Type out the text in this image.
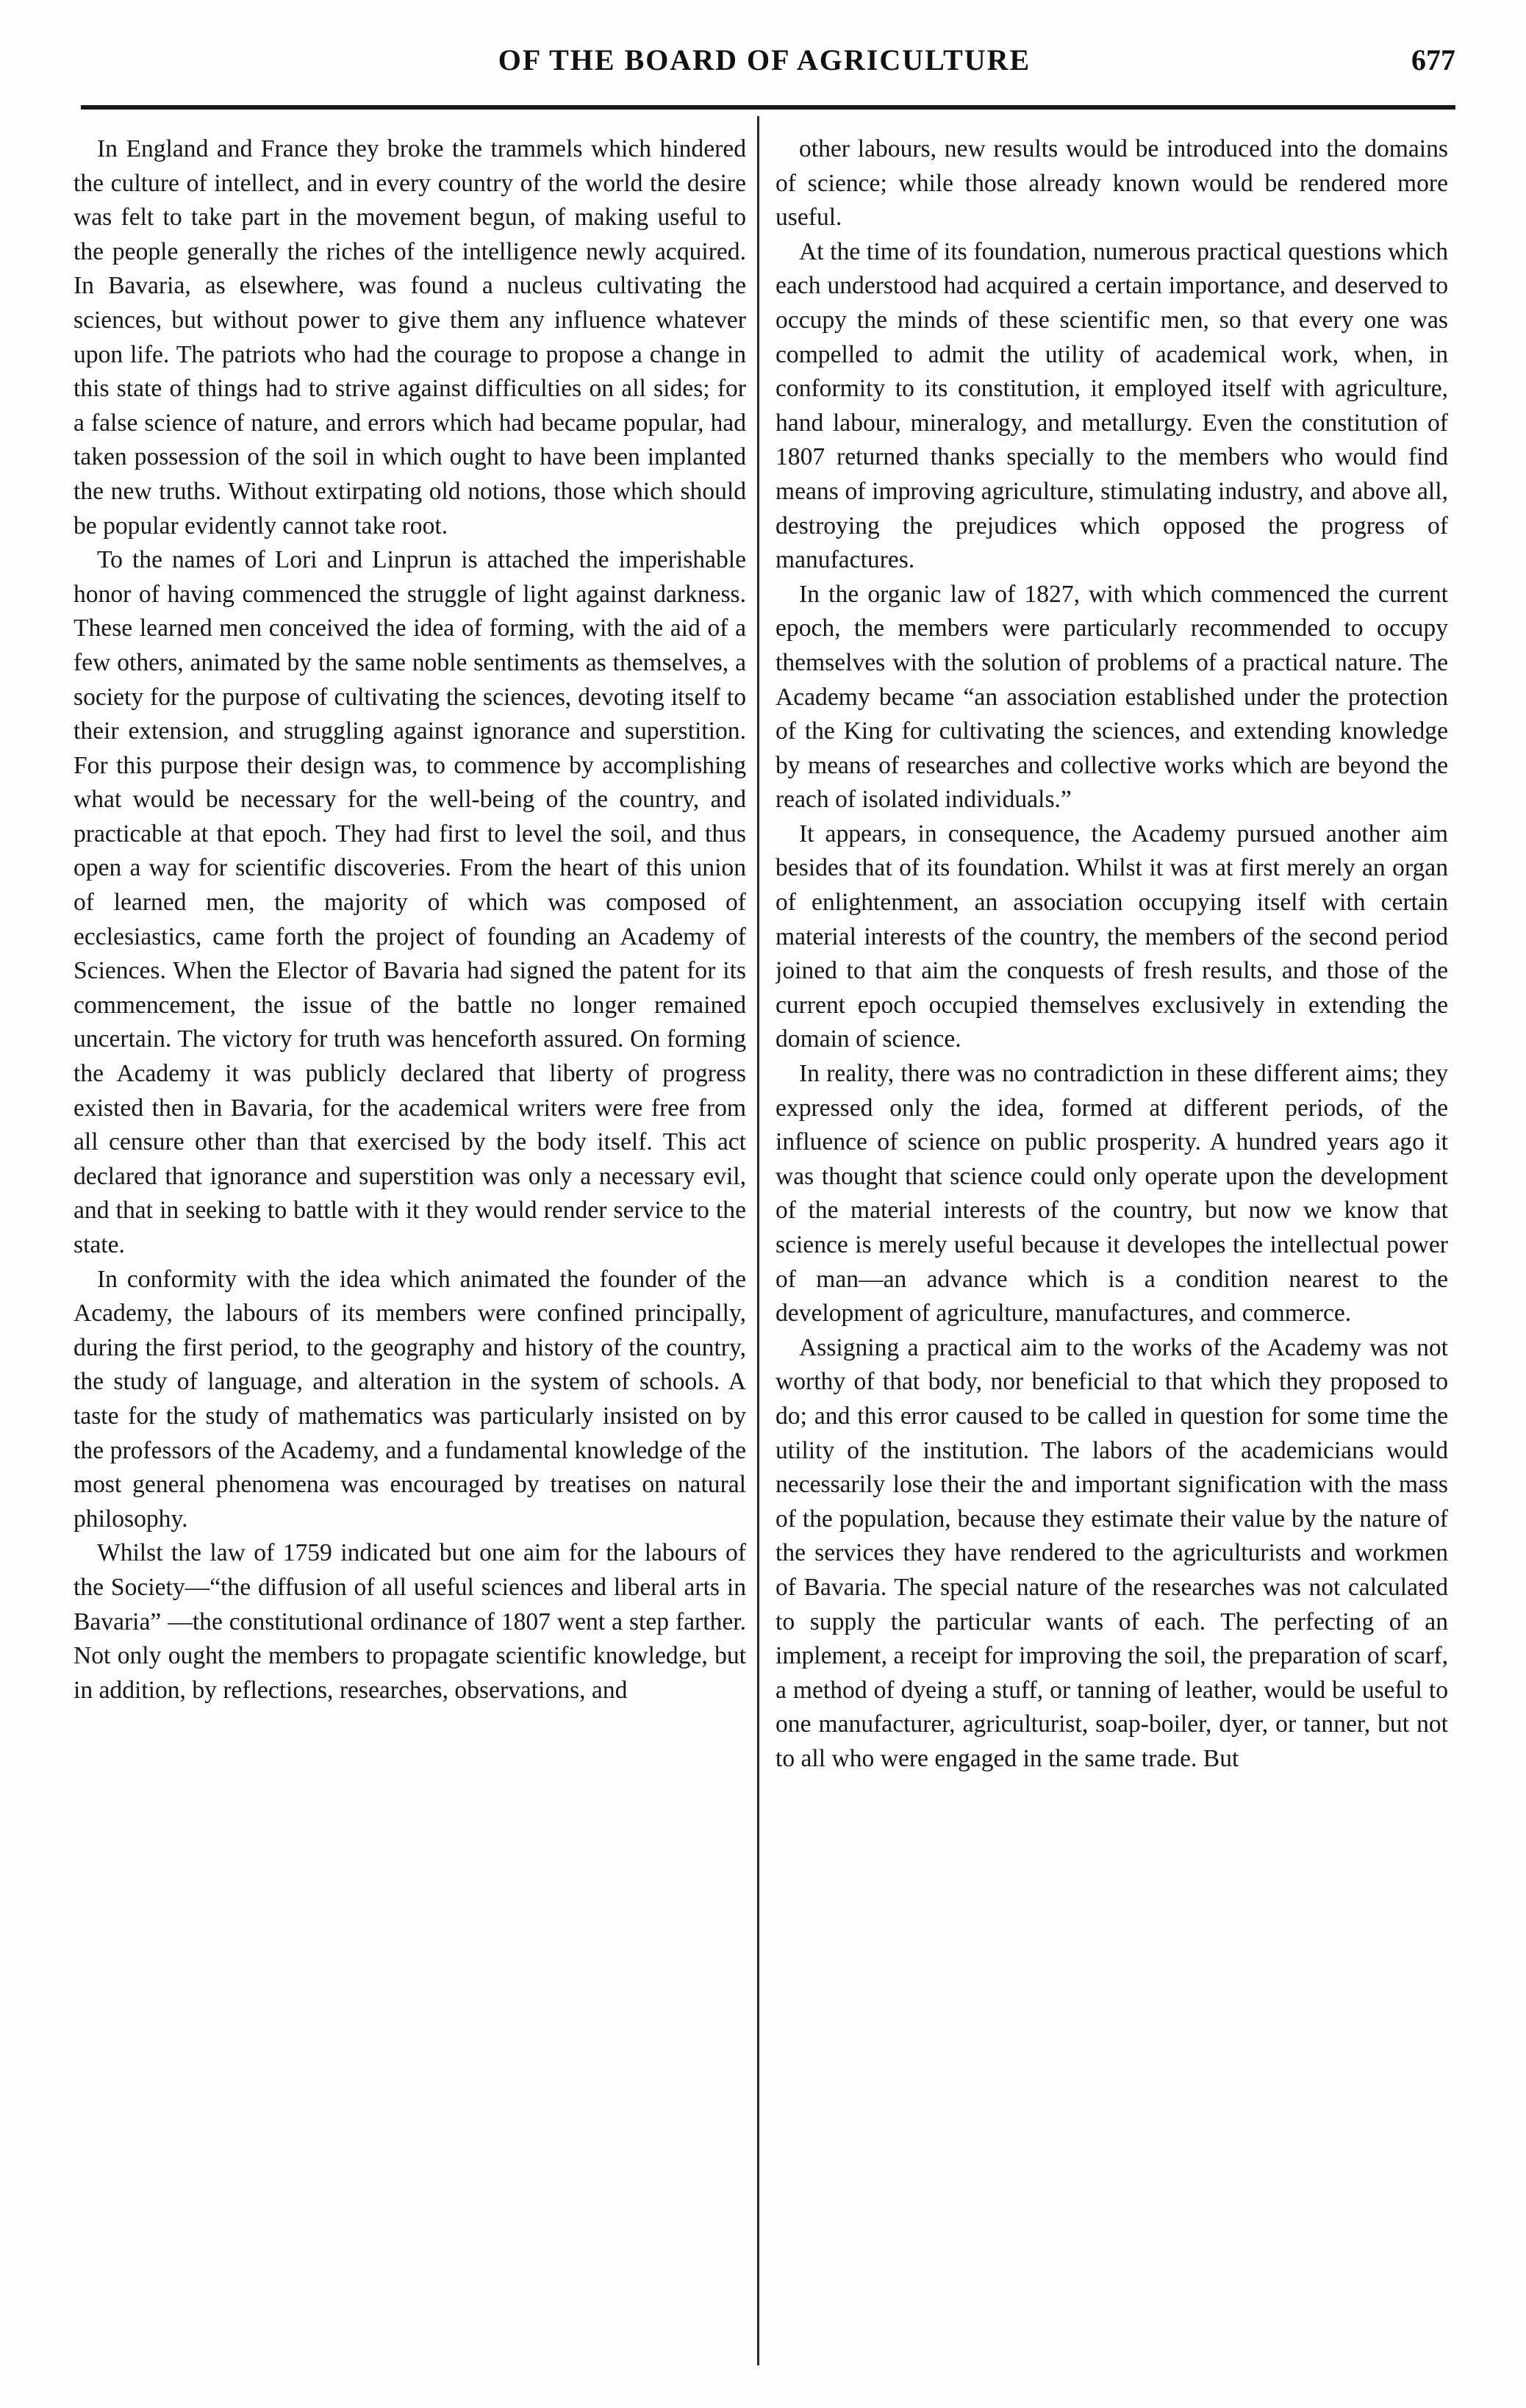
OF THE BOARD OF AGRICULTURE	677

In England and France they broke the trammels which hindered the culture of intellect, and in every country of the world the desire was felt to take part in the movement begun, of making useful to the people generally the riches of the intelligence newly acquired. In Bavaria, as elsewhere, was found a nucleus cultivating the sciences, but without power to give them any influence whatever upon life. The patriots who had the courage to propose a change in this state of things had to strive against difficulties on all sides; for a false science of nature, and errors which had became popular, had taken possession of the soil in which ought to have been implanted the new truths. Without extirpating old notions, those which should be popular evidently cannot take root.

To the names of Lori and Linprun is attached the imperishable honor of having commenced the struggle of light against darkness. These learned men conceived the idea of forming, with the aid of a few others, animated by the same noble sentiments as themselves, a society for the purpose of cultivating the sciences, devoting itself to their extension, and struggling against ignorance and superstition. For this purpose their design was, to commence by accomplishing what would be necessary for the well-being of the country, and practicable at that epoch. They had first to level the soil, and thus open a way for scientific discoveries. From the heart of this union of learned men, the majority of which was composed of ecclesiastics, came forth the project of founding an Academy of Sciences. When the Elector of Bavaria had signed the patent for its commencement, the issue of the battle no longer remained uncertain. The victory for truth was henceforth assured. On forming the Academy it was publicly declared that liberty of progress existed then in Bavaria, for the academical writers were free from all censure other than that exercised by the body itself. This act declared that ignorance and superstition was only a necessary evil, and that in seeking to battle with it they would render service to the state.

In conformity with the idea which animated the founder of the Academy, the labours of its members were confined principally, during the first period, to the geography and history of the country, the study of language, and alteration in the system of schools. A taste for the study of mathematics was particularly insisted on by the professors of the Academy, and a fundamental knowledge of the most general phenomena was encouraged by treatises on natural philosophy.

Whilst the law of 1759 indicated but one aim for the labours of the Society—“the diffusion of all useful sciences and liberal arts in Bavaria” —the constitutional ordinance of 1807 went a step farther. Not only ought the members to propagate scientific knowledge, but in addition, by reflections, researches, observations, and

other labours, new results would be introduced into the domains of science; while those already known would be rendered more useful.

At the time of its foundation, numerous practical questions which each understood had acquired a certain importance, and deserved to occupy the minds of these scientific men, so that every one was compelled to admit the utility of academical work, when, in conformity to its constitution, it employed itself with agriculture, hand labour, mineralogy, and metallurgy. Even the constitution of 1807 returned thanks specially to the members who would find means of improving agriculture, stimulating industry, and above all, destroying the prejudices which opposed the progress of manufactures.

In the organic law of 1827, with which commenced the current epoch, the members were particularly recommended to occupy themselves with the solution of problems of a practical nature. The Academy became “an association established under the protection of the King for cultivating the sciences, and extending knowledge by means of researches and collective works which are beyond the reach of isolated individuals.”

It appears, in consequence, the Academy pursued another aim besides that of its foundation. Whilst it was at first merely an organ of enlightenment, an association occupying itself with certain material interests of the country, the members of the second period joined to that aim the conquests of fresh results, and those of the current epoch occupied themselves exclusively in extending the domain of science.

In reality, there was no contradiction in these different aims; they expressed only the idea, formed at different periods, of the influence of science on public prosperity. A hundred years ago it was thought that science could only operate upon the development of the material interests of the country, but now we know that science is merely useful because it developes the intellectual power of man—an advance which is a condition nearest to the development of agriculture, manufactures, and commerce.

Assigning a practical aim to the works of the Academy was not worthy of that body, nor beneficial to that which they proposed to do; and this error caused to be called in question for some time the utility of the institution. The labors of the academicians would necessarily lose their the and important signification with the mass of the population, because they estimate their value by the nature of the services they have rendered to the agriculturists and workmen of Bavaria. The special nature of the researches was not calculated to supply the particular wants of each. The perfecting of an implement, a receipt for improving the soil, the preparation of scarf, a method of dyeing a stuff, or tanning of leather, would be useful to one manufacturer, agriculturist, soap-boiler, dyer, or tanner, but not to all who were engaged in the same trade. But
